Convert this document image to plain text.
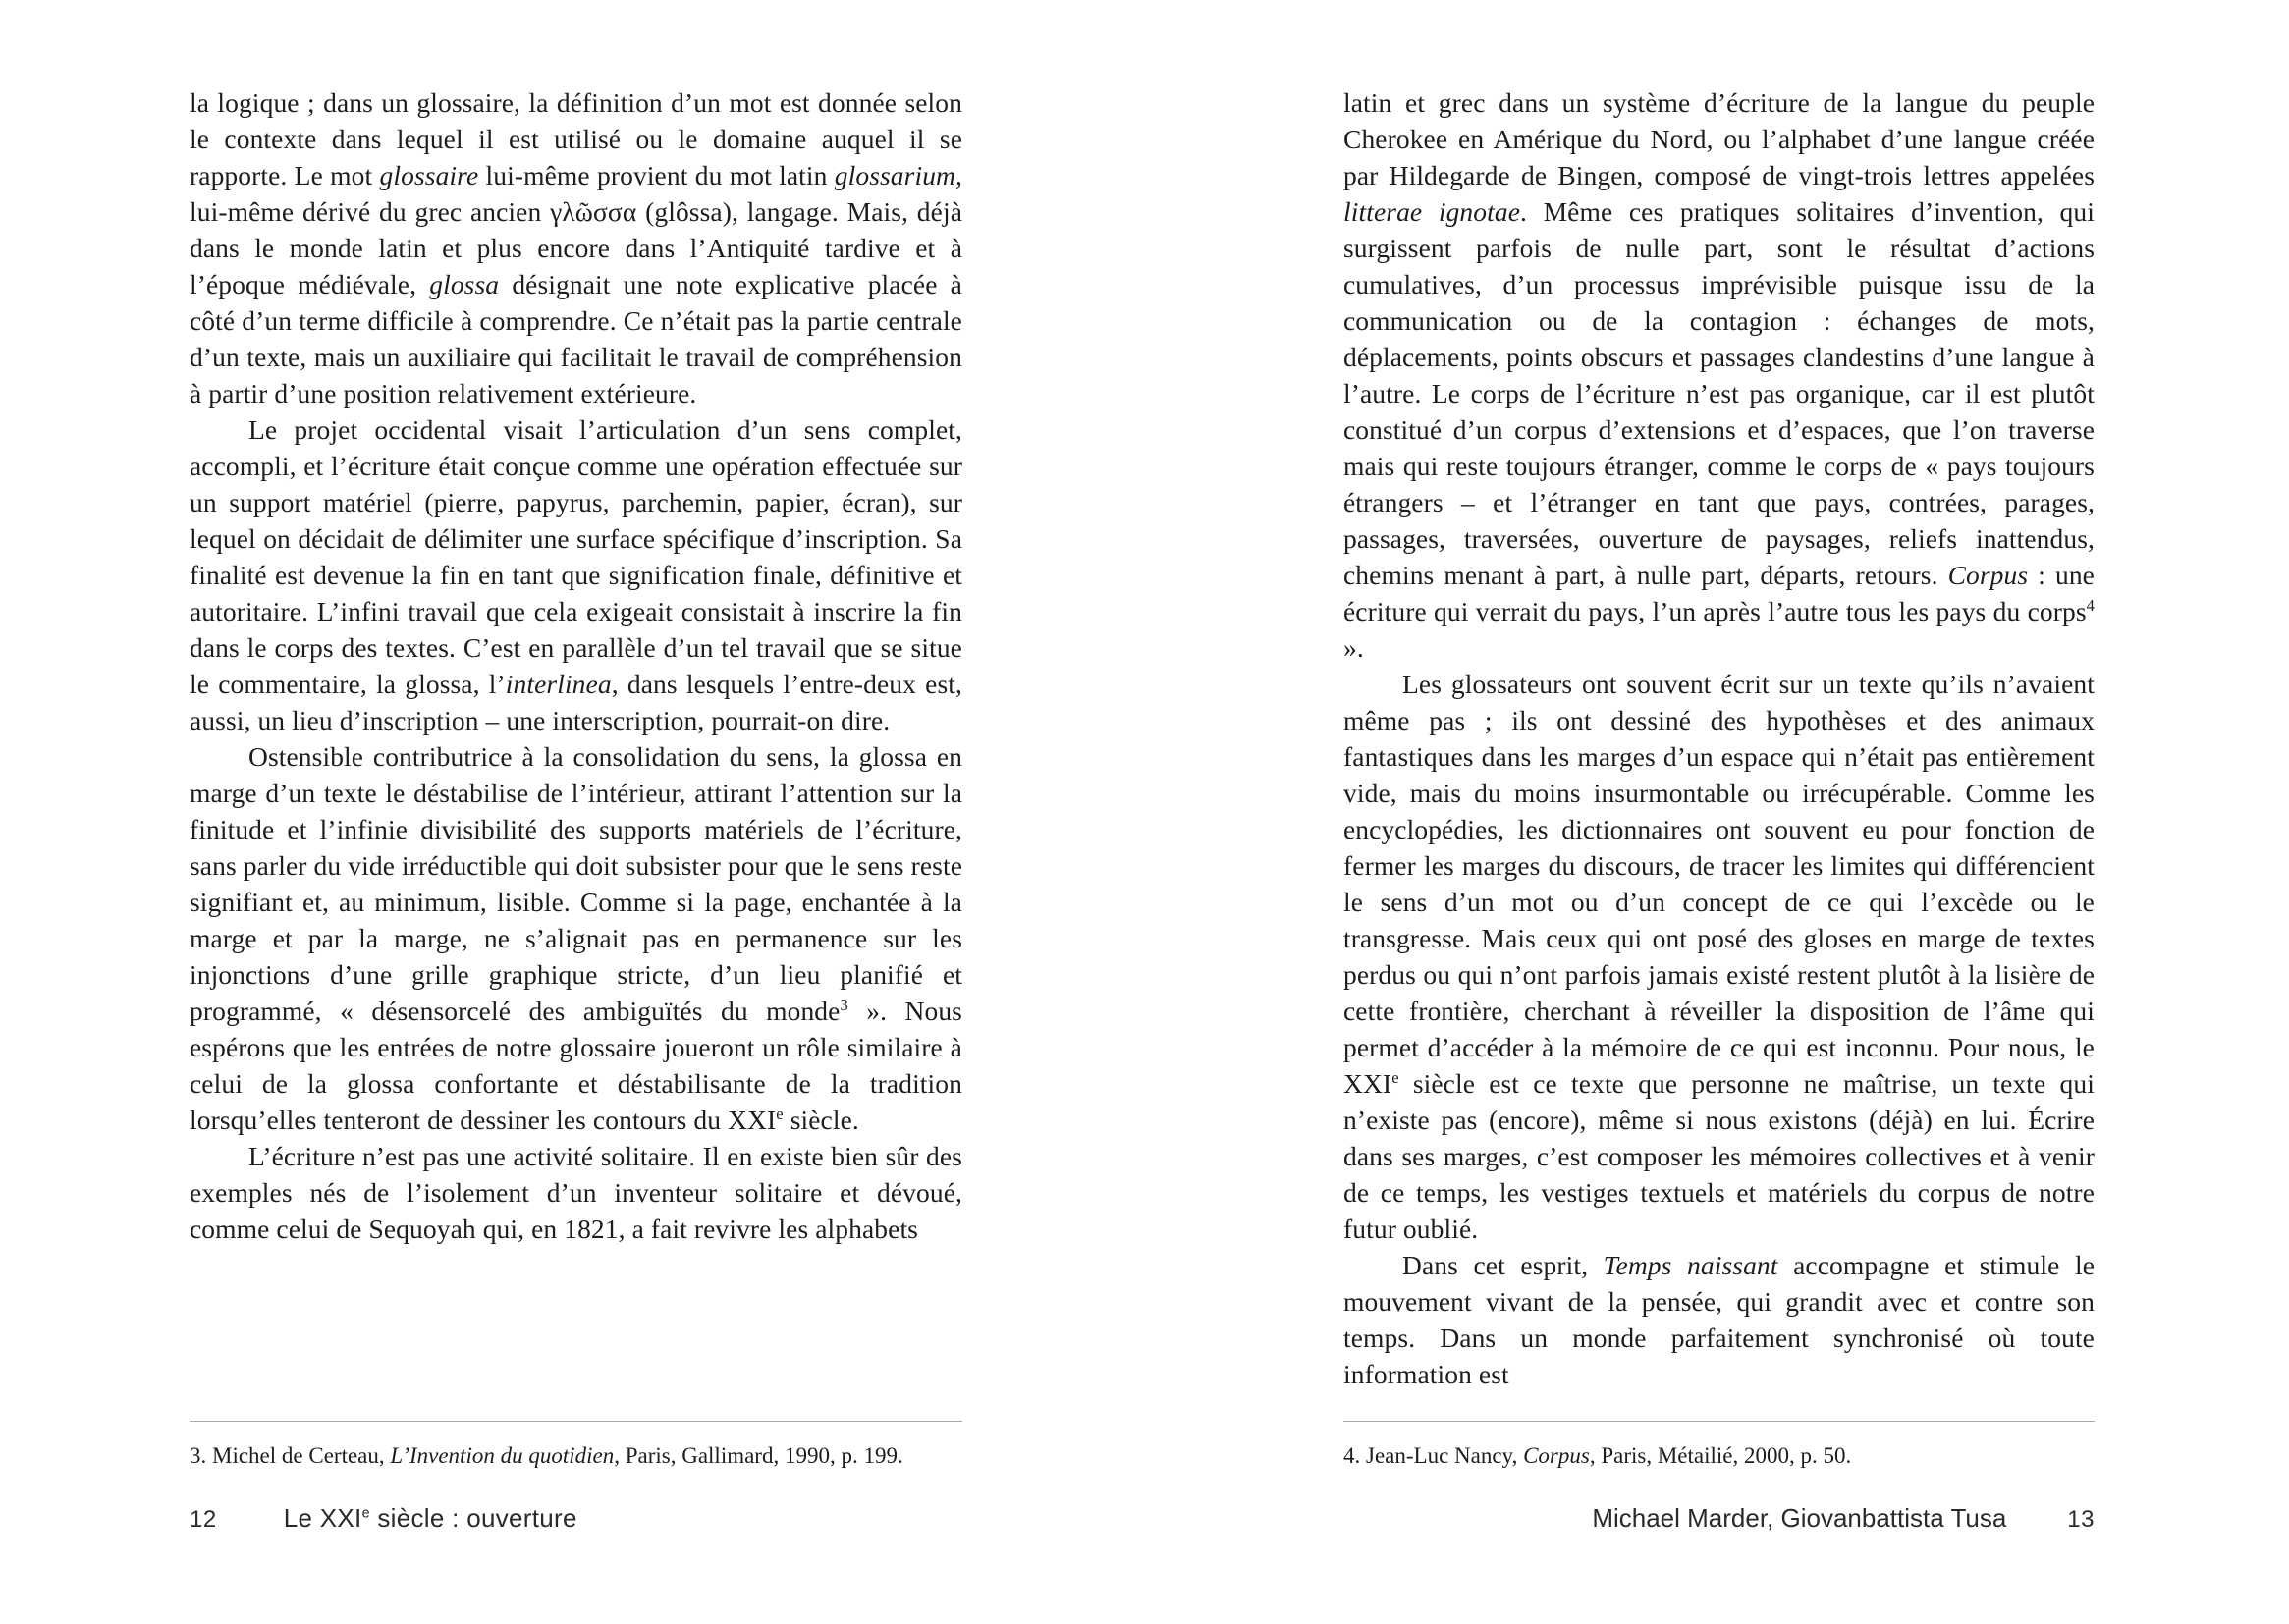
la logique ; dans un glossaire, la définition d’un mot est donnée selon le contexte dans lequel il est utilisé ou le domaine auquel il se rapporte. Le mot glossaire lui-même provient du mot latin glossarium, lui-même dérivé du grec ancien γλῶσσα (glôssa), langage. Mais, déjà dans le monde latin et plus encore dans l’Antiquité tardive et à l’époque médiévale, glossa désignait une note explicative placée à côté d’un terme difficile à comprendre. Ce n’était pas la partie centrale d’un texte, mais un auxiliaire qui facilitait le travail de compréhension à partir d’une position relativement extérieure.

Le projet occidental visait l’articulation d’un sens complet, accompli, et l’écriture était conçue comme une opération effectuée sur un support matériel (pierre, papyrus, parchemin, papier, écran), sur lequel on décidait de délimiter une surface spécifique d’inscription. Sa finalité est devenue la fin en tant que signification finale, définitive et autoritaire. L’infini travail que cela exigeait consistait à inscrire la fin dans le corps des textes. C’est en parallèle d’un tel travail que se situe le commentaire, la glossa, l’interlinea, dans lesquels l’entre-deux est, aussi, un lieu d’inscription – une interscription, pourrait-on dire.

Ostensible contributrice à la consolidation du sens, la glossa en marge d’un texte le déstabilise de l’intérieur, attirant l’attention sur la finitude et l’infinie divisibilité des supports matériels de l’écriture, sans parler du vide irréductible qui doit subsister pour que le sens reste signifiant et, au minimum, lisible. Comme si la page, enchantée à la marge et par la marge, ne s’alignait pas en permanence sur les injonctions d’une grille graphique stricte, d’un lieu planifié et programmé, « désensorcelé des ambiguïtés du monde$^3$ ». Nous espérons que les entrées de notre glossaire joueront un rôle similaire à celui de la glossa confortante et déstabilisante de la tradition lorsqu’elles tenteront de dessiner les contours du XXIe siècle.

L’écriture n’est pas une activité solitaire. Il en existe bien sûr des exemples nés de l’isolement d’un inventeur solitaire et dévoué, comme celui de Sequoyah qui, en 1821, a fait revivre les alphabets

latin et grec dans un système d’écriture de la langue du peuple Cherokee en Amérique du Nord, ou l’alphabet d’une langue créée par Hildegarde de Bingen, composé de vingt-trois lettres appelées litterae ignotae. Même ces pratiques solitaires d’invention, qui surgissent parfois de nulle part, sont le résultat d’actions cumulatives, d’un processus imprévisible puisque issu de la communication ou de la contagion : échanges de mots, déplacements, points obscurs et passages clandestins d’une langue à l’autre. Le corps de l’écriture n’est pas organique, car il est plutôt constitué d’un corpus d’extensions et d’espaces, que l’on traverse mais qui reste toujours étranger, comme le corps de « pays toujours étrangers – et l’étranger en tant que pays, contrées, parages, passages, traversées, ouverture de paysages, reliefs inattendus, chemins menant à part, à nulle part, départs, retours. Corpus : une écriture qui verrait du pays, l’un après l’autre tous les pays du corps$^4$ ».

Les glossateurs ont souvent écrit sur un texte qu’ils n’avaient même pas ; ils ont dessiné des hypothèses et des animaux fantastiques dans les marges d’un espace qui n’était pas entièrement vide, mais du moins insurmontable ou irrécupérable. Comme les encyclopédies, les dictionnaires ont souvent eu pour fonction de fermer les marges du discours, de tracer les limites qui différencient le sens d’un mot ou d’un concept de ce qui l’excède ou le transgresse. Mais ceux qui ont posé des gloses en marge de textes perdus ou qui n’ont parfois jamais existé restent plutôt à la lisière de cette frontière, cherchant à réveiller la disposition de l’âme qui permet d’accéder à la mémoire de ce qui est inconnu. Pour nous, le XXIe siècle est ce texte que personne ne maîtrise, un texte qui n’existe pas (encore), même si nous existons (déjà) en lui. Écrire dans ses marges, c’est composer les mémoires collectives et à venir de ce temps, les vestiges textuels et matériels du corpus de notre futur oublié.

Dans cet esprit, Temps naissant accompagne et stimule le mouvement vivant de la pensée, qui grandit avec et contre son temps. Dans un monde parfaitement synchronisé où toute information est

3. Michel de Certeau, L’Invention du quotidien, Paris, Gallimard, 1990, p. 199.	4. Jean-Luc Nancy, Corpus, Paris, Métailié, 2000, p. 50.
12	Le XXIe siècle : ouverture	Michael Marder, Giovanbattista Tusa	13
